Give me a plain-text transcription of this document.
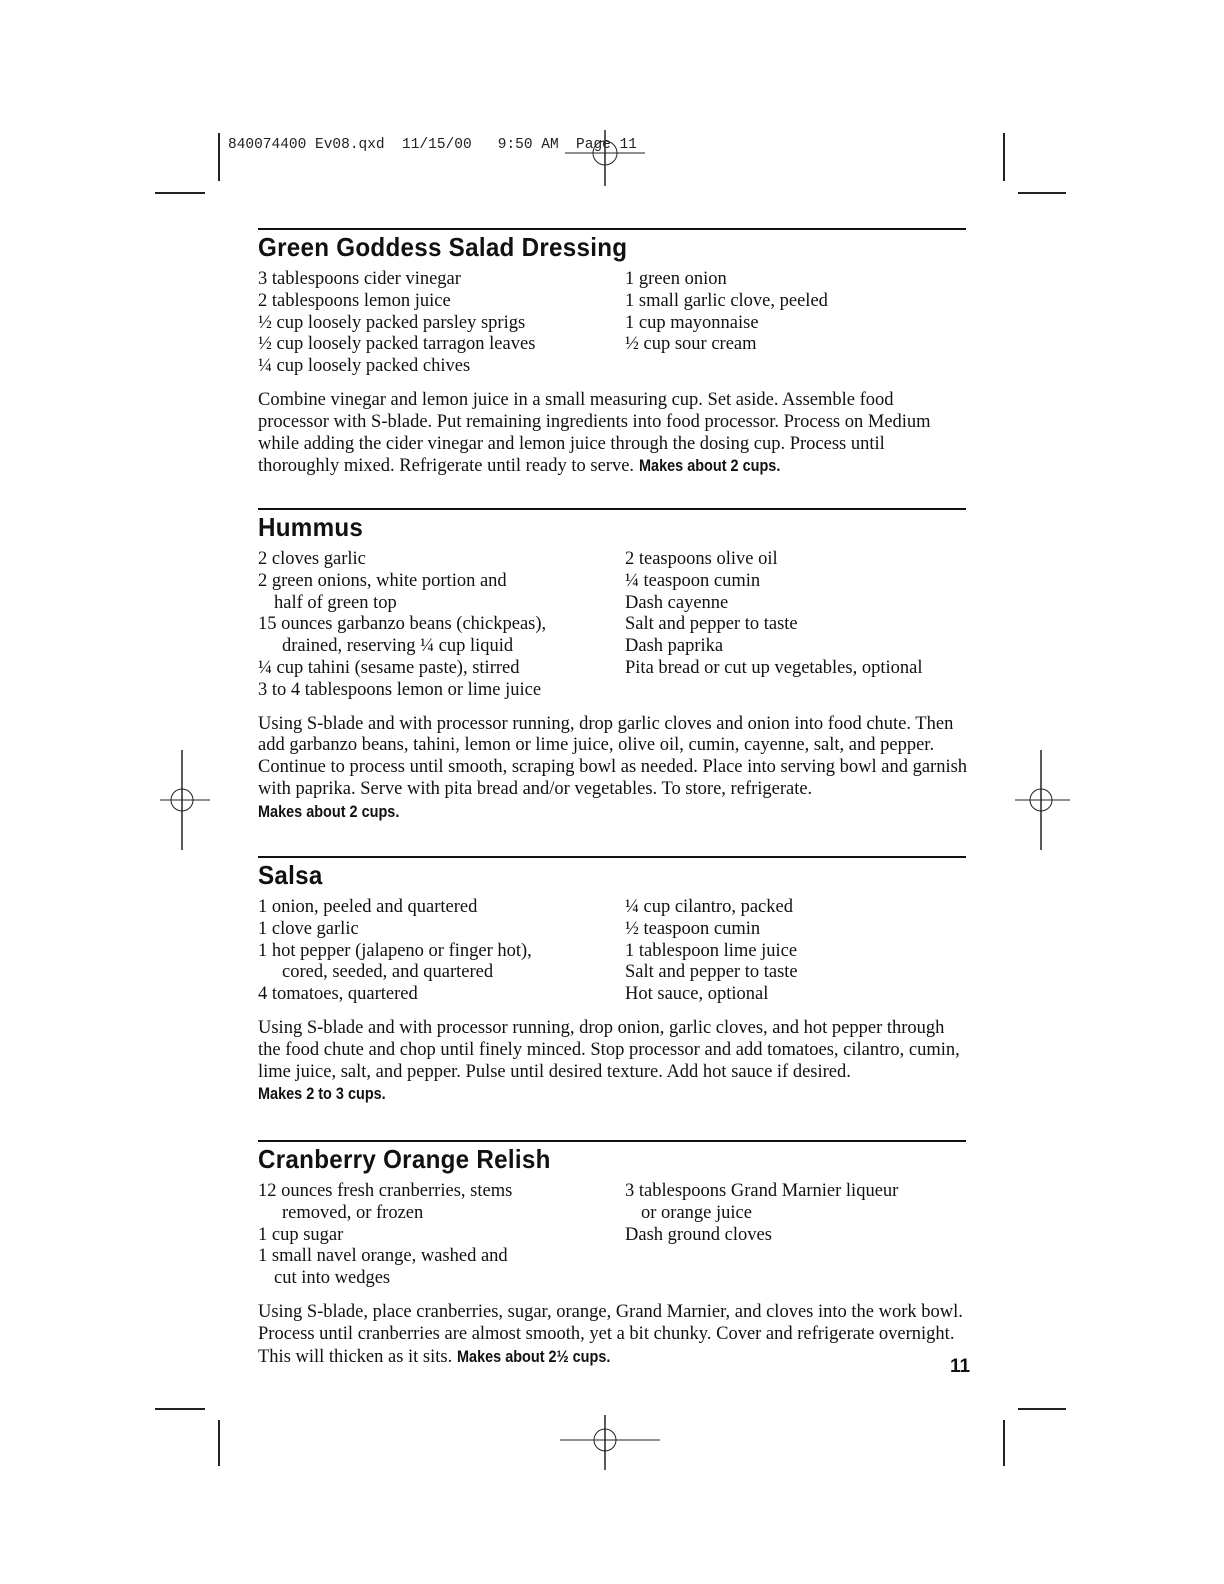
840074400 Ev08.qxd  11/15/00   9:50 AM  Page 11
Green Goddess Salad Dressing
3 tablespoons cider vinegar
2 tablespoons lemon juice
½ cup loosely packed parsley sprigs
½ cup loosely packed tarragon leaves
¼ cup loosely packed chives
1 green onion
1 small garlic clove, peeled
1 cup mayonnaise
½ cup sour cream
Combine vinegar and lemon juice in a small measuring cup. Set aside. Assemble food processor with S-blade. Put remaining ingredients into food processor. Process on Medium while adding the cider vinegar and lemon juice through the dosing cup. Process until thoroughly mixed. Refrigerate until ready to serve. Makes about 2 cups.
Hummus
2 cloves garlic
2 green onions, white portion and
half of green top
15 ounces garbanzo beans (chickpeas),
drained, reserving ¼ cup liquid
¼ cup tahini (sesame paste), stirred
3 to 4 tablespoons lemon or lime juice
2 teaspoons olive oil
¼ teaspoon cumin
Dash cayenne
Salt and pepper to taste
Dash paprika
Pita bread or cut up vegetables, optional
Using S-blade and with processor running, drop garlic cloves and onion into food chute. Then add garbanzo beans, tahini, lemon or lime juice, olive oil, cumin, cayenne, salt, and pepper. Continue to process until smooth, scraping bowl as needed. Place into serving bowl and garnish with paprika. Serve with pita bread and/or vegetables. To store, refrigerate. Makes about 2 cups.
Salsa
1 onion, peeled and quartered
1 clove garlic
1 hot pepper (jalapeno or finger hot),
cored, seeded, and quartered
4 tomatoes, quartered
¼ cup cilantro, packed
½ teaspoon cumin
1 tablespoon lime juice
Salt and pepper to taste
Hot sauce, optional
Using S-blade and with processor running, drop onion, garlic cloves, and hot pepper through the food chute and chop until finely minced. Stop processor and add tomatoes, cilantro, cumin, lime juice, salt, and pepper. Pulse until desired texture. Add hot sauce if desired. Makes 2 to 3 cups.
Cranberry Orange Relish
12 ounces fresh cranberries, stems
removed, or frozen
1 cup sugar
1 small navel orange, washed and
cut into wedges
3 tablespoons Grand Marnier liqueur
or orange juice
Dash ground cloves
Using S-blade, place cranberries, sugar, orange, Grand Marnier, and cloves into the work bowl. Process until cranberries are almost smooth, yet a bit chunky. Cover and refrigerate overnight. This will thicken as it sits. Makes about 2½ cups.	11
